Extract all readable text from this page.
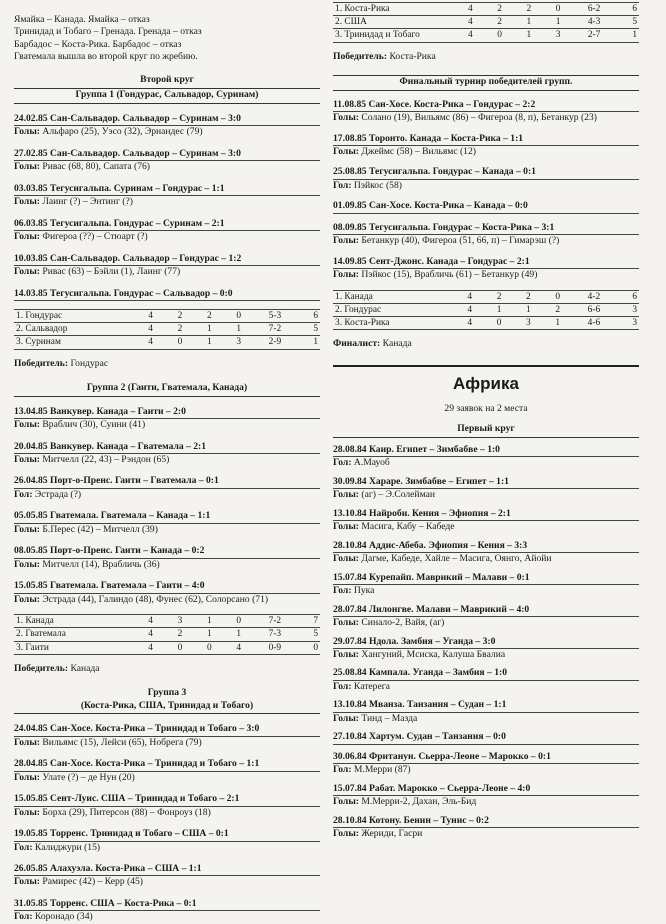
Ямайка – Канада. Ямайка – отказ
Тринидад и Тобаго – Гренада. Гренада – отказ
Барбадос – Коста-Рика. Барбадос – отказ
Гватемала вышла во второй круг по жребию.
Второй круг
Группа 1 (Гондурас, Сальвадор, Суринам)
24.02.85 Сан-Сальвадор. Сальвадор – Суринам – 3:0
Голы: Альфаро (25), Уэсо (32), Эрнандес (79)
27.02.85 Сан-Сальвадор. Сальвадор – Суринам – 3:0
Голы: Ривас (68, 80), Сапата (76)
03.03.85 Тегусигальпа. Суринам – Гондурас – 1:1
Голы: Лаинг (?) – Энтинг (?)
06.03.85 Тегусигальпа. Гондурас – Суринам – 2:1
Голы: Фигероа (??) – Стюарт (?)
10.03.85 Сан-Сальвадор. Сальвадор – Гондурас – 1:2
Голы: Ривас (63) – Бэйли (1), Лаинг (77)
14.03.85 Тегусигальпа. Гондурас – Сальвадор – 0:0
1. Гондурас	4	2	2	0	5-3	6
2. Сальвадор	4	2	1	1	7-2	5
3. Суринам	4	0	1	3	2-9	1
Победитель: Гондурас
Группа 2 (Гаити, Гватемала, Канада)
13.04.85 Ванкувер. Канада – Гаити – 2:0
Голы: Враблич (30), Суини (41)
20.04.85 Ванкувер. Канада – Гватемала – 2:1
Голы: Митчелл (22, 43) – Рэндон (65)
26.04.85 Порт-о-Пренс. Гаити – Гватемала – 0:1
Гол: Эстрада (?)
05.05.85 Гватемала. Гватемала – Канада – 1:1
Голы: Б.Перес (42) – Митчелл (39)
08.05.85 Порт-о-Пренс. Гаити – Канада – 0:2
Голы: Митчелл (14), Врабличь (36)
15.05.85 Гватемала. Гватемала – Гаити – 4:0
Голы: Эстрада (44), Галиндо (48), Фунес (62), Солорсано (71)
1. Канада	4	3	1	0	7-2	7
2. Гватемала	4	2	1	1	7-3	5
3. Гаити	4	0	0	4	0-9	0
Победитель: Канада
Группа 3
(Коста-Рика, США, Тринидад и Тобаго)
24.04.85 Сан-Хосе. Коста-Рика – Тринидад и Тобаго – 3:0
Голы: Вильямс (15), Лейси (65), Нобрега (79)
28.04.85 Сан-Хосе. Коста-Рика – Тринидад и Тобаго – 1:1
Голы: Улате (?) – де Нун (20)
15.05.85 Сент-Луис. США – Тринидад и Тобаго – 2:1
Голы: Борха (29), Питерсон (88) – Фонроуз (18)
19.05.85 Торренс. Тринидад и Тобаго – США – 0:1
Гол: Калиджури (15)
26.05.85 Алахуэла. Коста-Рика – США – 1:1
Голы: Рамирес (42) – Керр (45)
31.05.85 Торренс. США – Коста-Рика – 0:1
Гол: Коронадо (34)
1. Коста-Рика	4	2	2	0	6-2	6
2. США	4	2	1	1	4-3	5
3. Тринидад и Тобаго	4	0	1	3	2-7	1
Победитель: Коста-Рика
Финальный турнир победителей групп.
11.08.85 Сан-Хосе. Коста-Рика – Гондурас – 2:2
Голы: Солано (19), Вильямс (86) – Фигероа (8, п), Бетанкур (23)
17.08.85 Торонто. Канада – Коста-Рика – 1:1
Голы: Джеймс (58) – Вильямс (12)
25.08.85 Тегусигальпа. Гондурас – Канада – 0:1
Гол: Пэйкос (58)
01.09.85 Сан-Хосе. Коста-Рика – Канада – 0:0
08.09.85 Тегусигальпа. Гондурас – Коста-Рика – 3:1
Голы: Бетанкур (40), Фигероа (51, 66, п) – Гимарэш (?)
14.09.85 Сент-Джонс. Канада – Гондурас – 2:1
Голы: Пэйкос (15), Врабличь (61) – Бетанкур (49)
1. Канада	4	2	2	0	4-2	6
2. Гондурас	4	1	1	2	6-6	3
3. Коста-Рика	4	0	3	1	4-6	3
Финалист: Канада
Африка
29 заявок на 2 места
Первый круг
28.08.84 Каир. Египет – Зимбабве – 1:0
Гол: А.Мауоб
30.09.84 Хараре. Зимбабве – Египет – 1:1
Голы: (аг) – Э.Солейман
13.10.84 Найроби. Кения – Эфиопия – 2:1
Голы: Масига, Кабу – Кабеде
28.10.84 Аддис-Абеба. Эфиопия – Кения – 3:3
Голы: Дагме, Кабеде, Хайле – Масига, Оянго, Айойи
15.07.84 Курепайп. Маврикий – Малави – 0:1
Гол: Пука
28.07.84 Лилонгве. Малави – Маврикий – 4:0
Голы: Синало-2, Вайя, (аг)
29.07.84 Ндола. Замбия – Уганда – 3:0
Голы: Хангуний, Мсиска, Калуша Бвалиа
25.08.84 Кампала. Уганда – Замбия – 1:0
Гол: Катерега
13.10.84 Мванза. Танзания – Судан – 1:1
Голы: Тинд – Мазда
27.10.84 Хартум. Судан – Танзания – 0:0
30.06.84 Фританун. Сьерра-Леоне – Марокко – 0:1
Гол: М.Мерри (87)
15.07.84 Рабат. Марокко – Сьерра-Леоне – 4:0
Голы: М.Мерри-2, Дахан, Эль-Бид
28.10.84 Котону. Бенин – Тунис – 0:2
Голы: Жериди, Гасри
